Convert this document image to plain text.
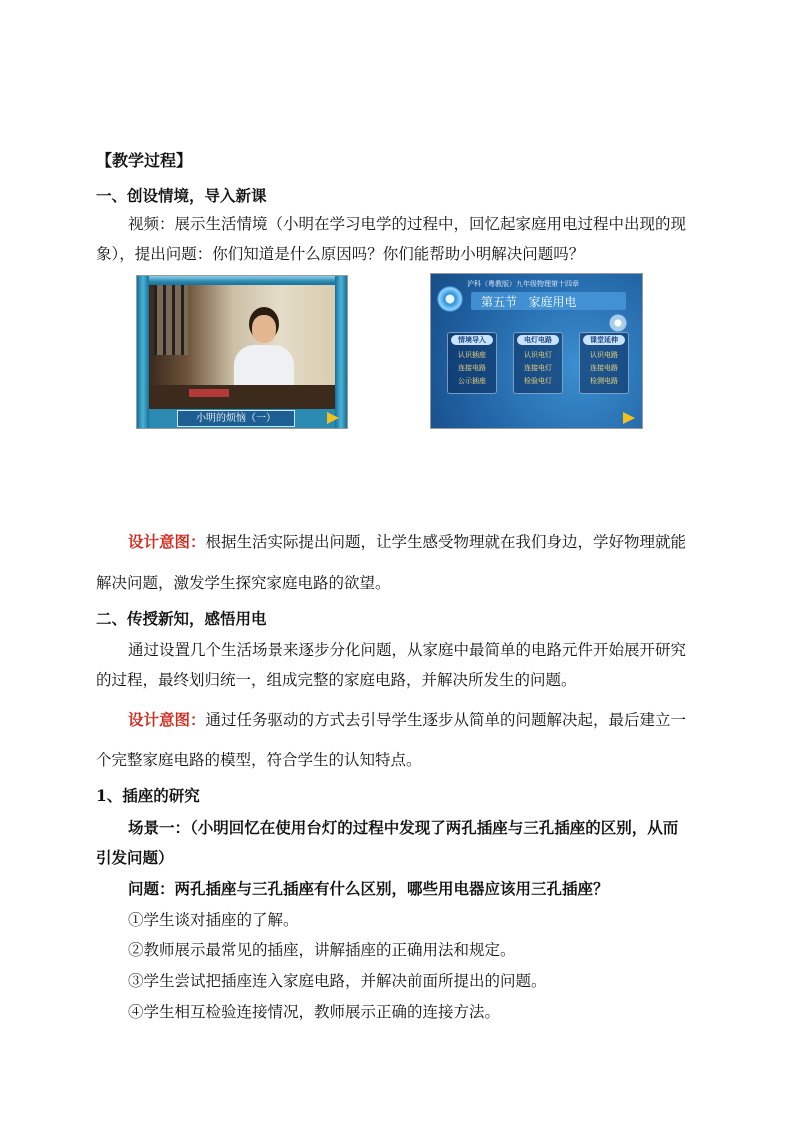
【教学过程】
一、创设情境，导入新课
视频：展示生活情境（小明在学习电学的过程中，回忆起家庭用电过程中出现的现
象），提出问题：你们知道是什么原因吗？你们能帮助小明解决问题吗？
小明的烦恼（一）
沪科（粤教版）九年级物理第十四章
第五节   家庭用电
情境导入
认识插座
连接电路
公示插座
电灯电路
认识电灯
连接电灯
检验电灯
课堂延伸
认识电路
连接电路
检测电路
设计意图：根据生活实际提出问题，让学生感受物理就在我们身边，学好物理就能
解决问题，激发学生探究家庭电路的欲望。
二、传授新知，感悟用电
通过设置几个生活场景来逐步分化问题，从家庭中最简单的电路元件开始展开研究
的过程，最终划归统一，组成完整的家庭电路，并解决所发生的问题。
设计意图：通过任务驱动的方式去引导学生逐步从简单的问题解决起，最后建立一
个完整家庭电路的模型，符合学生的认知特点。
1、插座的研究
场景一：（小明回忆在使用台灯的过程中发现了两孔插座与三孔插座的区别，从而
引发问题）
问题：两孔插座与三孔插座有什么区别，哪些用电器应该用三孔插座？
①学生谈对插座的了解。
②教师展示最常见的插座，讲解插座的正确用法和规定。
③学生尝试把插座连入家庭电路，并解决前面所提出的问题。
④学生相互检验连接情况，教师展示正确的连接方法。
